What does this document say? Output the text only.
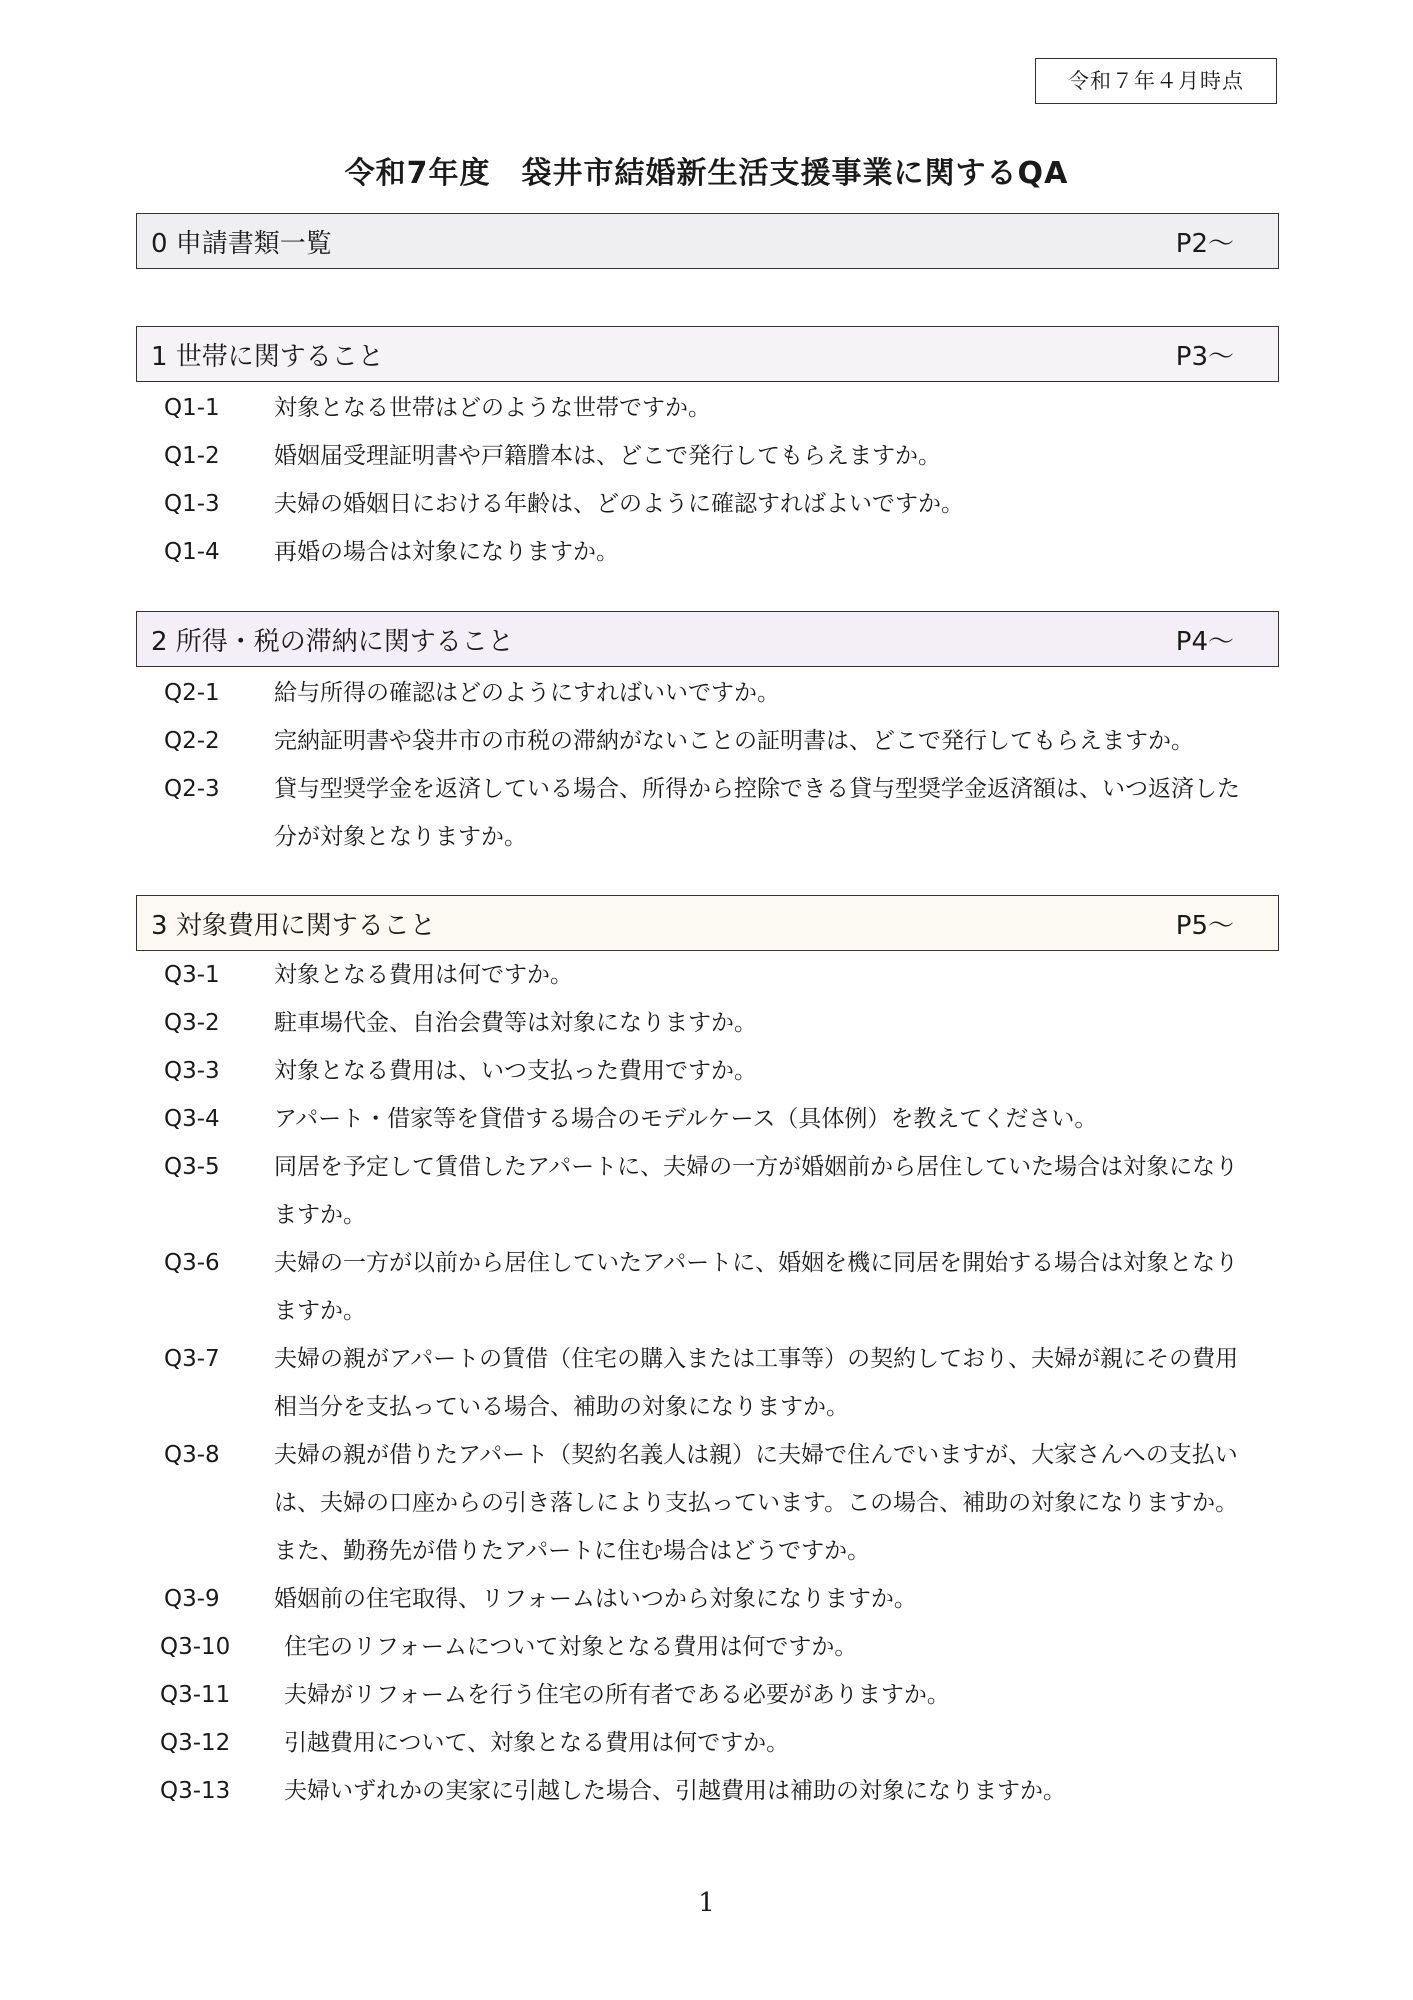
令和７年４月時点
令和7年度　袋井市結婚新生活支援事業に関するQA
0 申請書類一覧	P2～
1 世帯に関すること	P3～
Q1-1	対象となる世帯はどのような世帯ですか。
Q1-2	婚姻届受理証明書や戸籍謄本は、どこで発行してもらえますか。
Q1-3	夫婦の婚姻日における年齢は、どのように確認すればよいですか。
Q1-4	再婚の場合は対象になりますか。
2 所得・税の滞納に関すること	P4～
Q2-1	給与所得の確認はどのようにすればいいですか。
Q2-2	完納証明書や袋井市の市税の滞納がないことの証明書は、どこで発行してもらえますか。
Q2-3	貸与型奨学金を返済している場合、所得から控除できる貸与型奨学金返済額は、いつ返済した分が対象となりますか。
3 対象費用に関すること	P5～
Q3-1	対象となる費用は何ですか。
Q3-2	駐車場代金、自治会費等は対象になりますか。
Q3-3	対象となる費用は、いつ支払った費用ですか。
Q3-4	アパート・借家等を貸借する場合のモデルケース（具体例）を教えてください。
Q3-5	同居を予定して賃借したアパートに、夫婦の一方が婚姻前から居住していた場合は対象になりますか。
Q3-6	夫婦の一方が以前から居住していたアパートに、婚姻を機に同居を開始する場合は対象となりますか。
Q3-7	夫婦の親がアパートの賃借（住宅の購入または工事等）の契約しており、夫婦が親にその費用相当分を支払っている場合、補助の対象になりますか。
Q3-8	夫婦の親が借りたアパート（契約名義人は親）に夫婦で住んでいますが、大家さんへの支払いは、夫婦の口座からの引き落しにより支払っています。この場合、補助の対象になりますか。 また、勤務先が借りたアパートに住む場合はどうですか。
Q3-9	婚姻前の住宅取得、リフォームはいつから対象になりますか。
Q3-10	住宅のリフォームについて対象となる費用は何ですか。
Q3-11	夫婦がリフォームを行う住宅の所有者である必要がありますか。
Q3-12	引越費用について、対象となる費用は何ですか。
Q3-13	夫婦いずれかの実家に引越した場合、引越費用は補助の対象になりますか。
1
